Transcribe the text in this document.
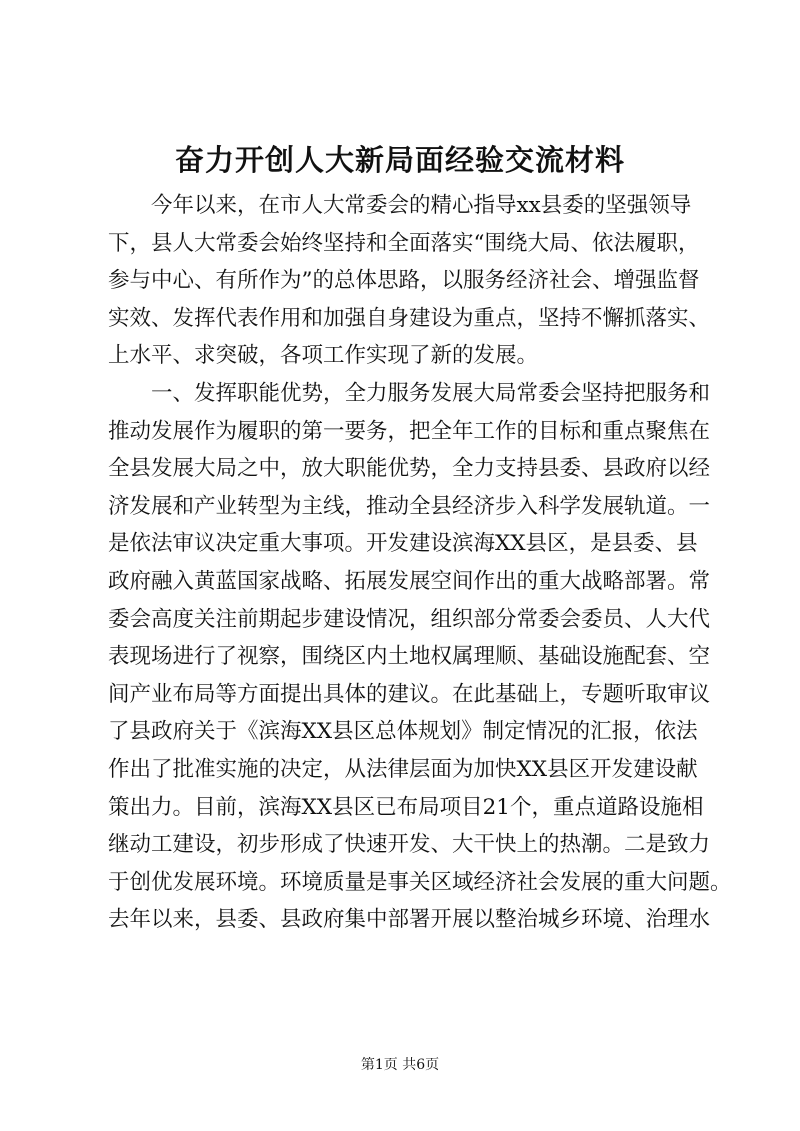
奋力开创人大新局面经验交流材料
　　今年以来，在市人大常委会的精心指导xx县委的坚强领导
下，县人大常委会始终坚持和全面落实“围绕大局、依法履职，
参与中心、有所作为”的总体思路，以服务经济社会、增强监督
实效、发挥代表作用和加强自身建设为重点，坚持不懈抓落实、
上水平、求突破，各项工作实现了新的发展。
　　一、发挥职能优势，全力服务发展大局常委会坚持把服务和
推动发展作为履职的第一要务，把全年工作的目标和重点聚焦在
全县发展大局之中，放大职能优势，全力支持县委、县政府以经
济发展和产业转型为主线，推动全县经济步入科学发展轨道。一
是依法审议决定重大事项。开发建设滨海XX县区，是县委、县
政府融入黄蓝国家战略、拓展发展空间作出的重大战略部署。常
委会高度关注前期起步建设情况，组织部分常委会委员、人大代
表现场进行了视察，围绕区内土地权属理顺、基础设施配套、空
间产业布局等方面提出具体的建议。在此基础上，专题听取审议
了县政府关于《滨海XX县区总体规划》制定情况的汇报，依法
作出了批准实施的决定，从法律层面为加快XX县区开发建设献
策出力。目前，滨海XX县区已布局项目21个，重点道路设施相
继动工建设，初步形成了快速开发、大干快上的热潮。二是致力
于创优发展环境。环境质量是事关区域经济社会发展的重大问题。
去年以来，县委、县政府集中部署开展以整治城乡环境、治理水
第1页 共6页
